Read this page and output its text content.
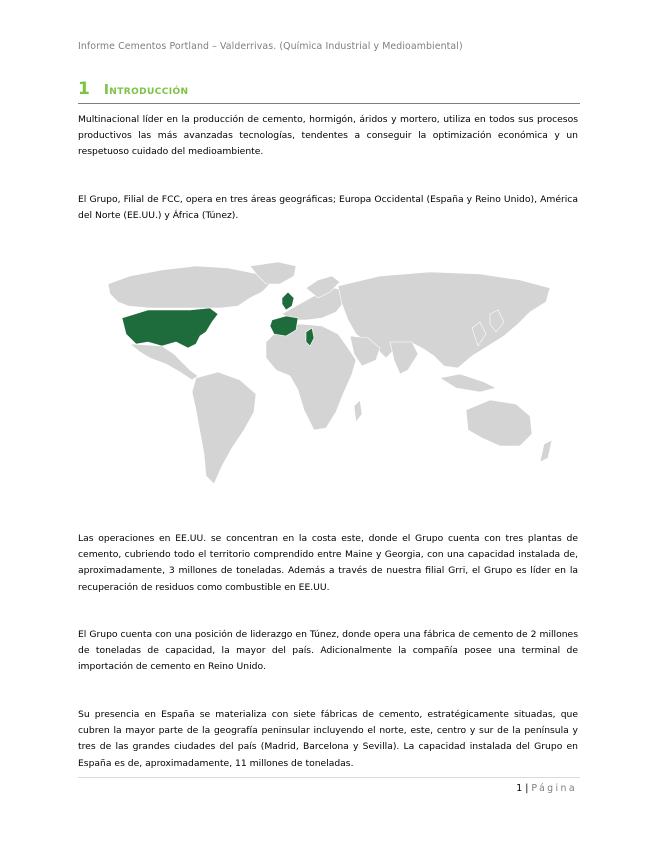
Informe Cementos Portland – Valderrivas. (Química Industrial y Medioambiental)
1 Introducción

Multinacional líder en la producción de cemento, hormigón, áridos y mortero, utiliza en todos sus procesos productivos las más avanzadas tecnologías, tendentes a conseguir la optimización económica y un respetuoso cuidado del medioambiente.

El Grupo, Filial de FCC, opera en tres áreas geográficas; Europa Occidental (España y Reino Unido), América del Norte (EE.UU.) y África (Túnez).

Las operaciones en EE.UU. se concentran en la costa este, donde el Grupo cuenta con tres plantas de cemento, cubriendo todo el territorio comprendido entre Maine y Georgia, con una capacidad instalada de, aproximadamente, 3 millones de toneladas. Además a través de nuestra filial Grri, el Grupo es líder en la recuperación de residuos como combustible en EE.UU.

El Grupo cuenta con una posición de liderazgo en Túnez, donde opera una fábrica de cemento de 2 millones de toneladas de capacidad, la mayor del país. Adicionalmente la compañía posee una terminal de importación de cemento en Reino Unido.

Su presencia en España se materializa con siete fábricas de cemento, estratégicamente situadas, que cubren la mayor parte de la geografía peninsular incluyendo el norte, este, centro y sur de la península y tres de las grandes ciudades del país (Madrid, Barcelona y Sevilla). La capacidad instalada del Grupo en España es de, aproximadamente, 11 millones de toneladas.

1 | Página
